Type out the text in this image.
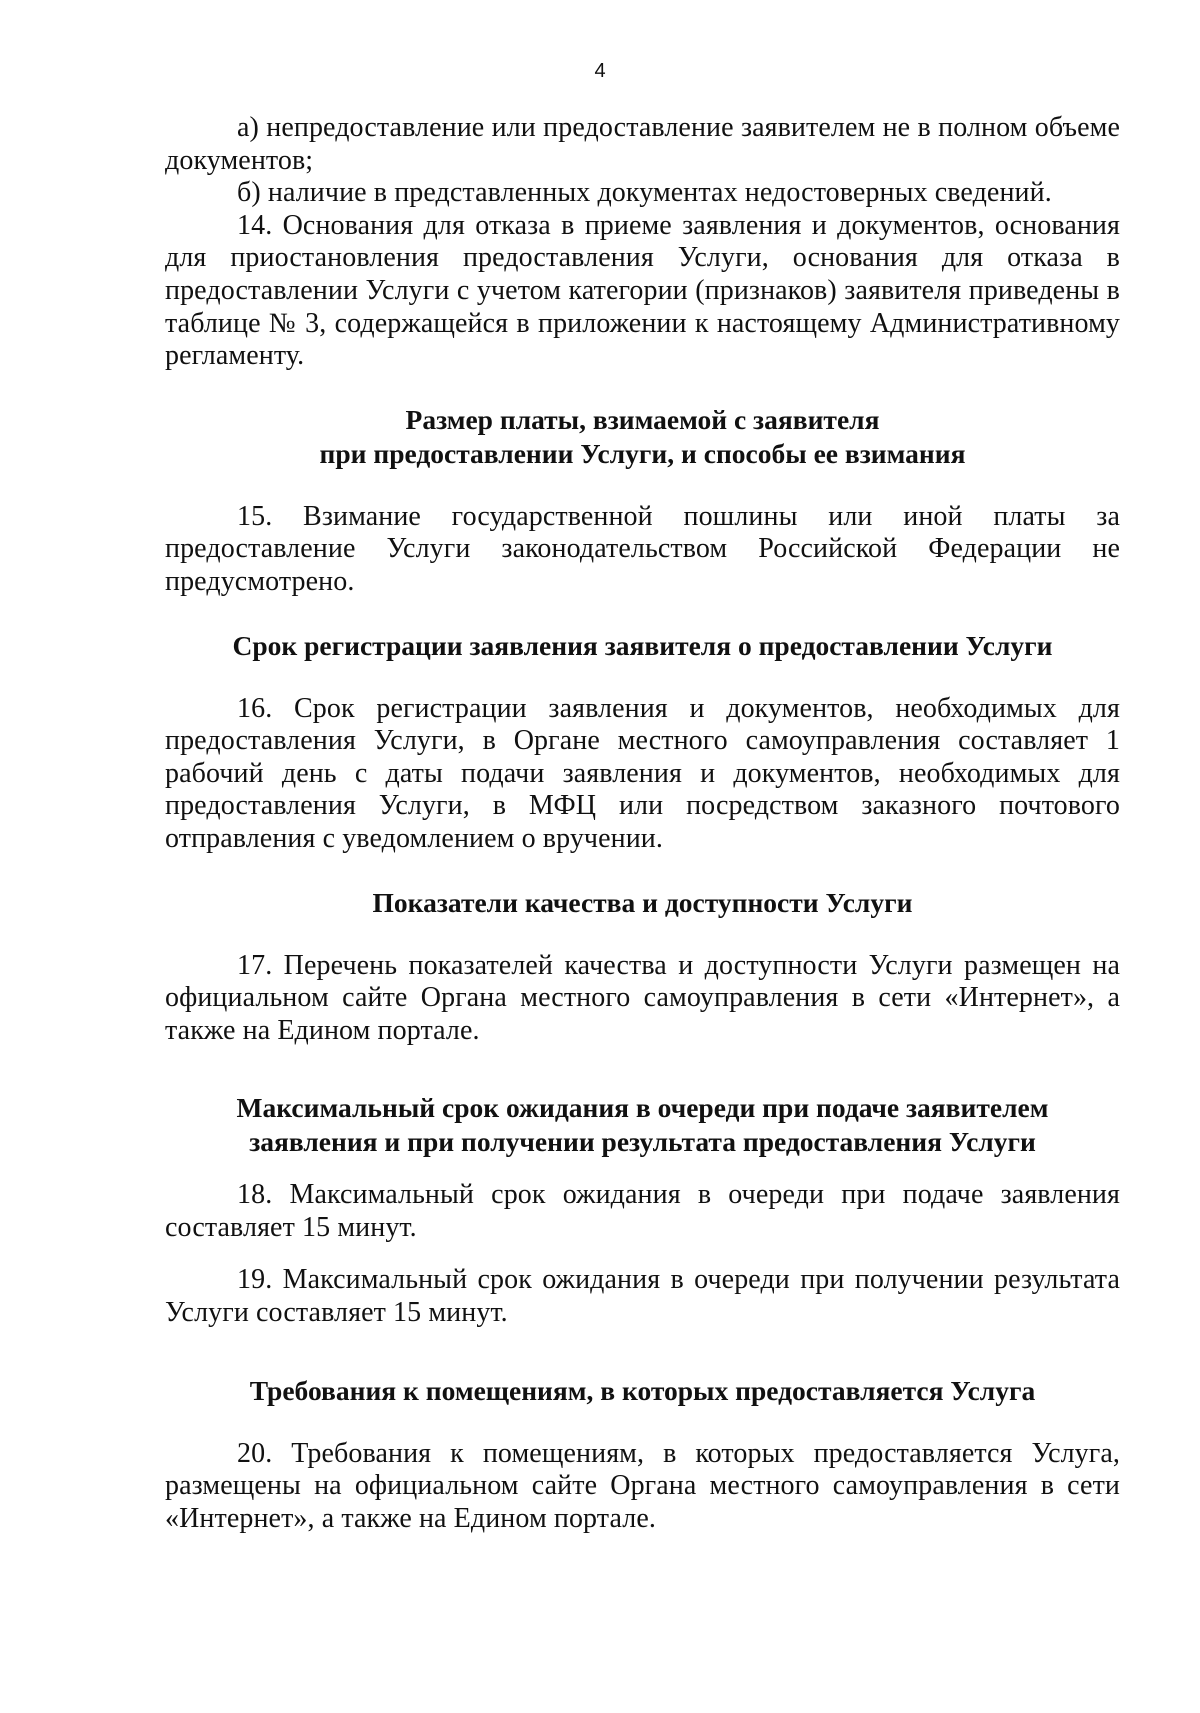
4

а) непредоставление или предоставление заявителем не в полном объеме документов;

б) наличие в представленных документах недостоверных сведений.

14. Основания для отказа в приеме заявления и документов, основания для приостановления предоставления Услуги, основания для отказа в предоставлении Услуги с учетом категории (признаков) заявителя приведены в таблице № 3, содержащейся в приложении к настоящему Административному регламенту.

Размер платы, взимаемой с заявителя

при предоставлении Услуги, и способы ее взимания

15. Взимание государственной пошлины или иной платы за предоставление Услуги законодательством Российской Федерации не предусмотрено.

Срок регистрации заявления заявителя о предоставлении Услуги

16. Срок регистрации заявления и документов, необходимых для предоставления Услуги, в Органе местного самоуправления составляет 1 рабочий день с даты подачи заявления и документов, необходимых для предоставления Услуги, в МФЦ или посредством заказного почтового отправления с уведомлением о вручении.

Показатели качества и доступности Услуги

17. Перечень показателей качества и доступности Услуги размещен на официальном сайте Органа местного самоуправления в сети «Интернет», а также на Едином портале.

Максимальный срок ожидания в очереди при подаче заявителем

заявления и при получении результата предоставления Услуги

18. Максимальный срок ожидания в очереди при подаче заявления составляет 15 минут.

19. Максимальный срок ожидания в очереди при получении результата Услуги составляет 15 минут.

Требования к помещениям, в которых предоставляется Услуга

20. Требования к помещениям, в которых предоставляется Услуга, размещены на официальном сайте Органа местного самоуправления в сети «Интернет», а также на Едином портале.
